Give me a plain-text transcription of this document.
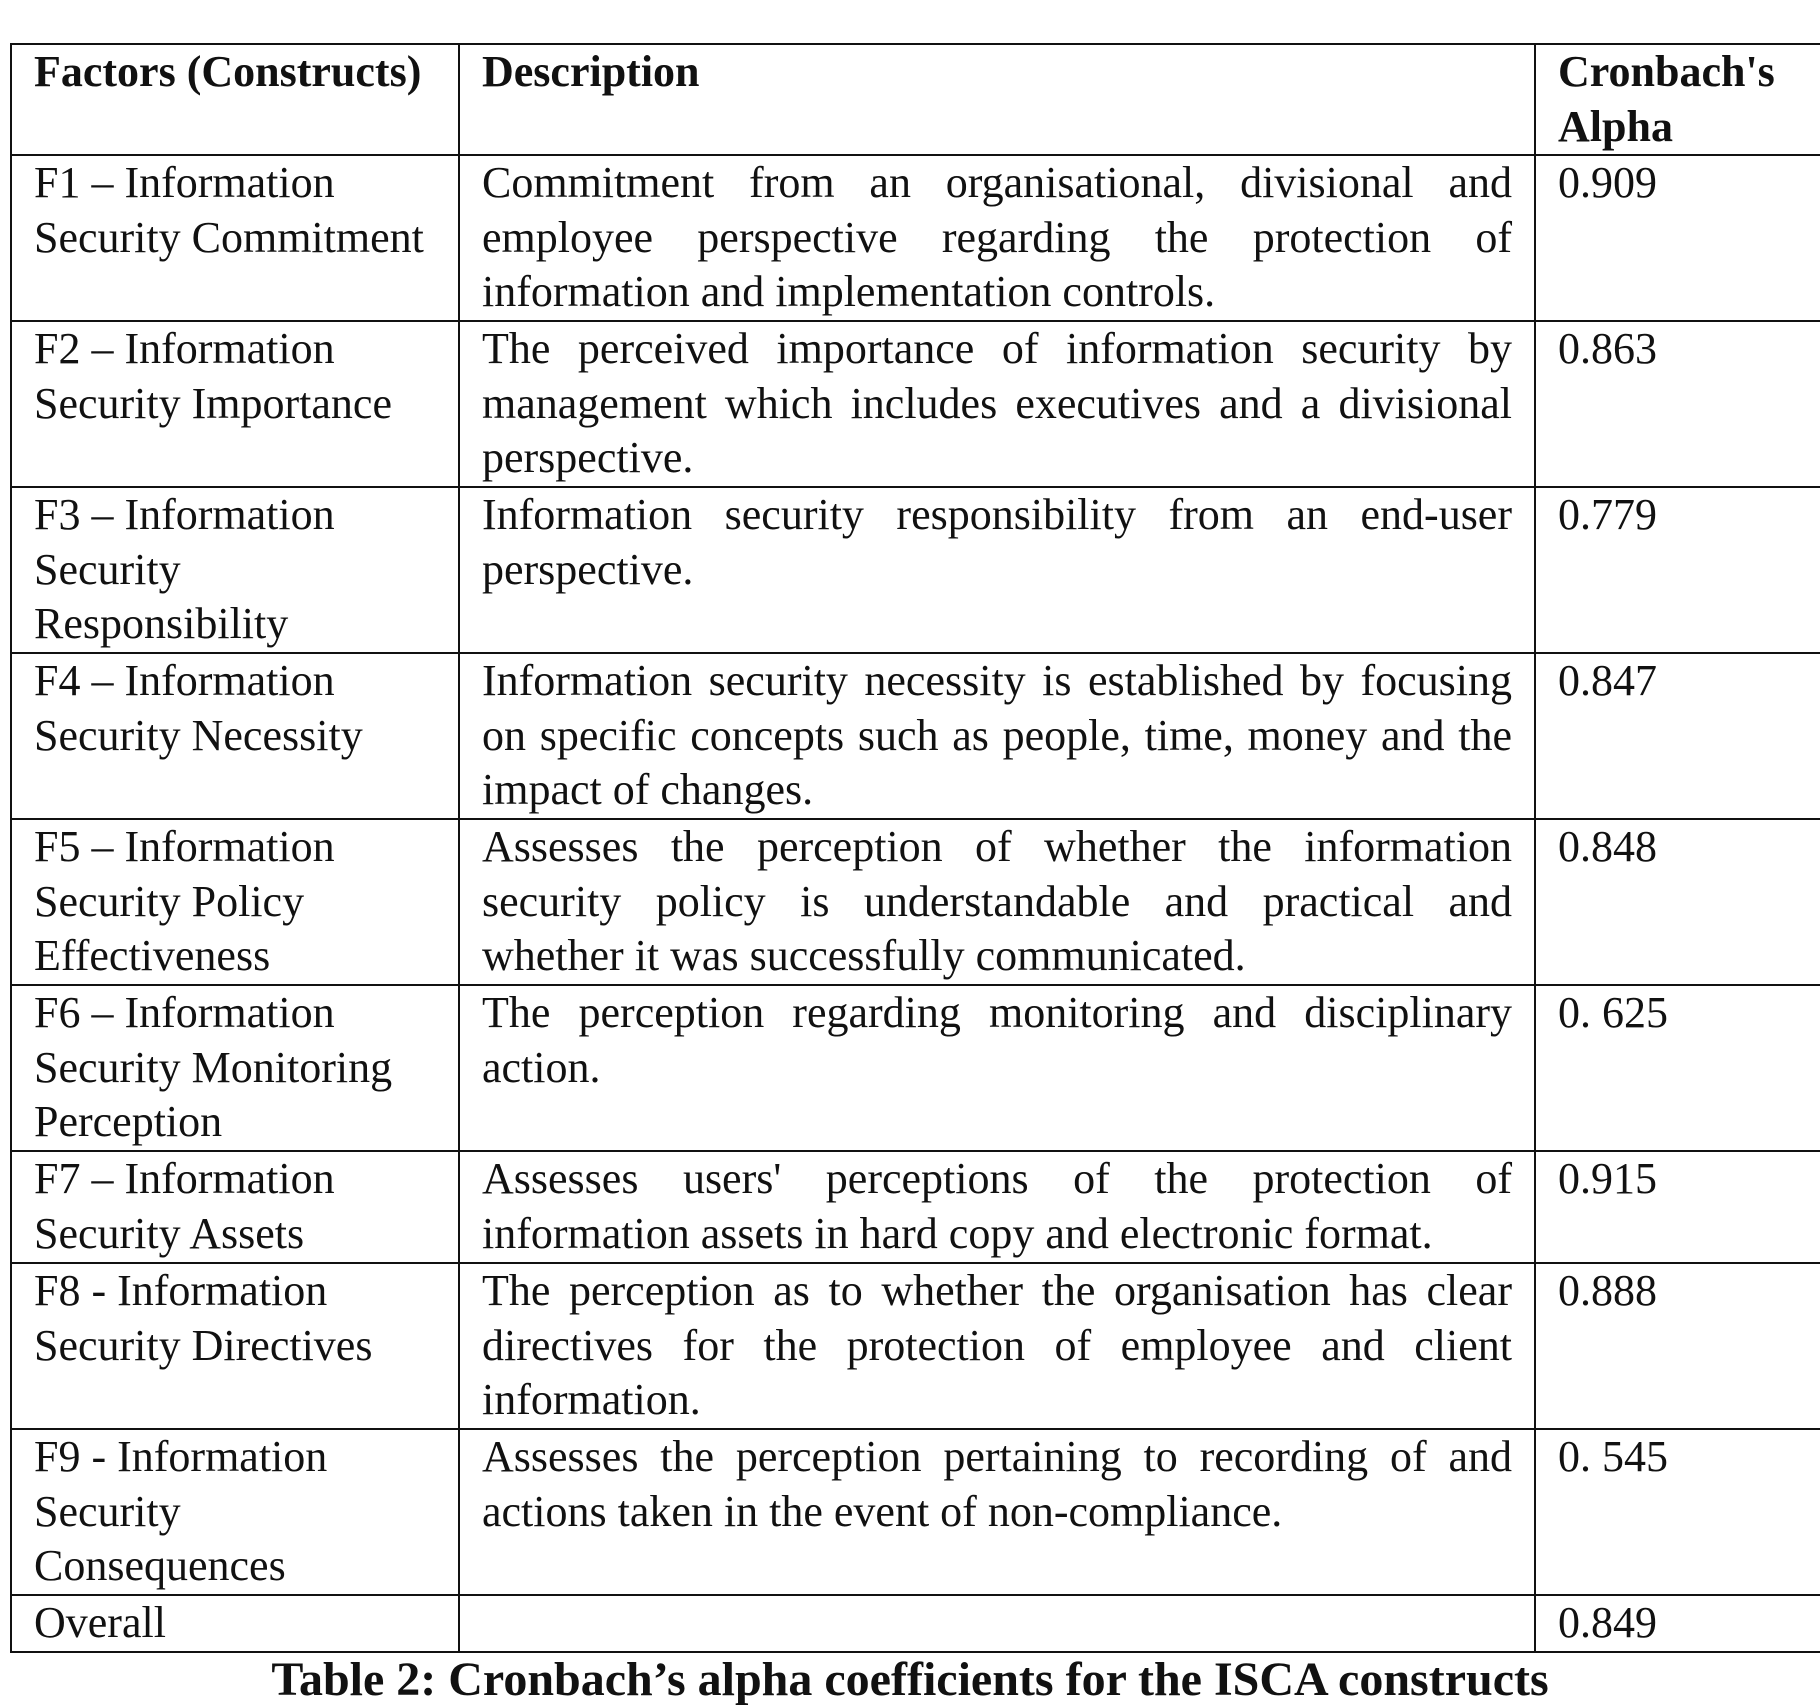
Factors (Constructs)	Description	Cronbach's Alpha
F1 – Information Security Commitment	Commitment from an organisational, divisional and employee perspective regarding the protection of information and implementation controls.	0.909
F2 – Information Security Importance	The perceived importance of information security by management which includes executives and a divisional perspective.	0.863
F3 – Information Security Responsibility	Information security responsibility from an end-user perspective.	0.779
F4 – Information Security Necessity	Information security necessity is established by focusing on specific concepts such as people, time, money and the impact of changes.	0.847
F5 – Information Security Policy Effectiveness	Assesses the perception of whether the information security policy is understandable and practical and whether it was successfully communicated.	0.848
F6 – Information Security Monitoring Perception	The perception regarding monitoring and disciplinary action.	0. 625
F7 – Information Security Assets	Assesses users' perceptions of the protection of information assets in hard copy and electronic format.	0.915
F8 - Information Security Directives	The perception as to whether the organisation has clear directives for the protection of employee and client information.	0.888
F9 - Information Security Consequences	Assesses the perception pertaining to recording of and actions taken in the event of non-compliance.	0. 545
Overall		0.849
Table 2: Cronbach’s alpha coefficients for the ISCA constructs
